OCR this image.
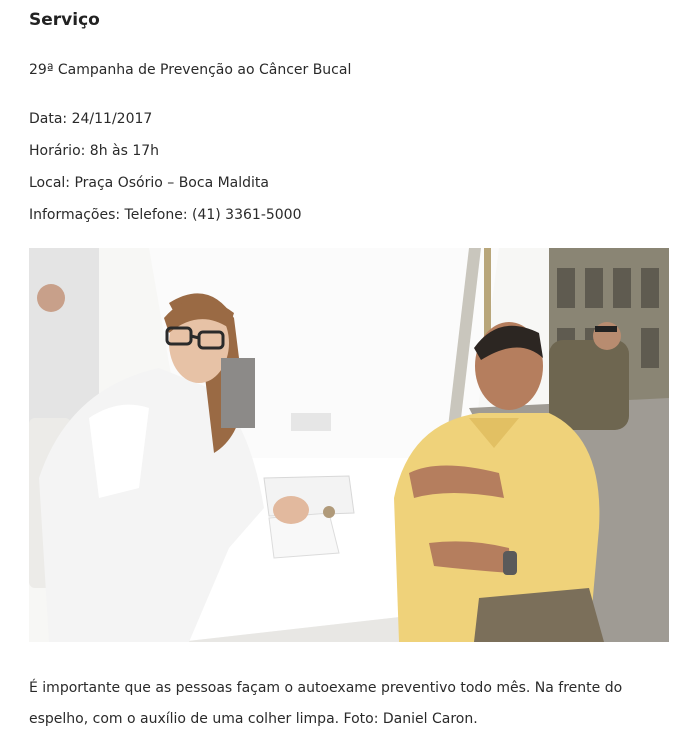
Serviço
29ª Campanha de Prevenção ao Câncer Bucal
Data: 24/11/2017
Horário: 8h às 17h
Local: Praça Osório – Boca Maldita
Informações: Telefone: (41) 3361-5000
É importante que as pessoas façam o autoexame preventivo todo mês. Na frente do espelho, com o auxílio de uma colher limpa. Foto: Daniel Caron.
